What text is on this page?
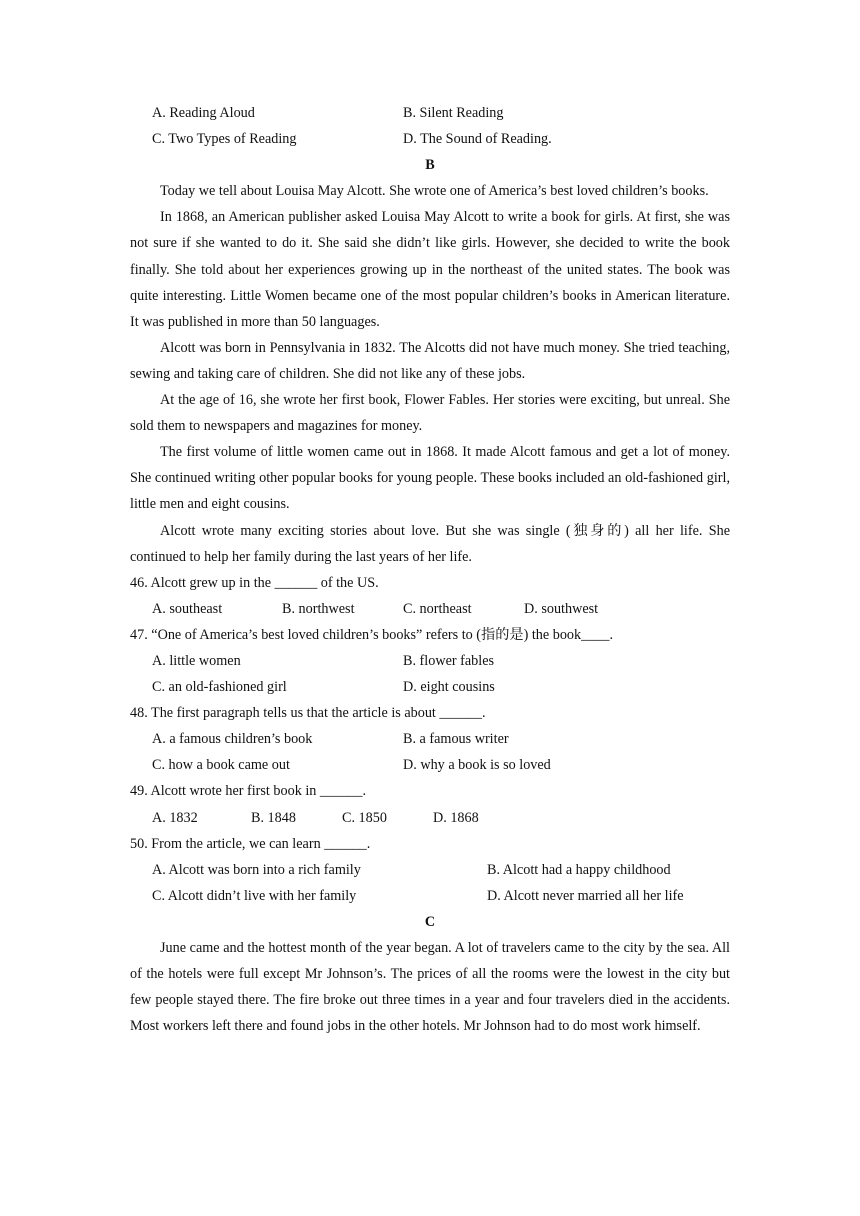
A. Reading Aloud	B. Silent Reading
C. Two Types of Reading	D. The Sound of Reading.
B

Today we tell about Louisa May Alcott. She wrote one of America’s best loved children’s books.

In 1868, an American publisher asked Louisa May Alcott to write a book for girls. At first, she was not sure if she wanted to do it. She said she didn’t like girls. However, she decided to write the book finally. She told about her experiences growing up in the northeast of the united states. The book was quite interesting. Little Women became one of the most popular children’s books in American literature. It was published in more than 50 languages.

Alcott was born in Pennsylvania in 1832. The Alcotts did not have much money. She tried teaching, sewing and taking care of children. She did not like any of these jobs.

At the age of 16, she wrote her first book, Flower Fables. Her stories were exciting, but unreal. She sold them to newspapers and magazines for money.

The first volume of little women came out in 1868. It made Alcott famous and get a lot of money. She continued writing other popular books for young people. These books included an old-fashioned girl, little men and eight cousins.

Alcott wrote many exciting stories about love. But she was single (独身的) all her life. She continued to help her family during the last years of her life.

46. Alcott grew up in the ______ of the US.

A. southeast	B. northwest	C. northeast	D. southwest

47. “One of America’s best loved children’s books” refers to (指的是) the book____.

A. little women	B. flower fables
C. an old-fashioned girl	D. eight cousins

48. The first paragraph tells us that the article is about ______.

A. a famous children’s book	B. a famous writer
C. how a book came out	D. why a book is so loved

49. Alcott wrote her first book in ______.

A. 1832	B. 1848	C. 1850	D. 1868

50. From the article, we can learn ______.

A. Alcott was born into a rich family	B. Alcott had a happy childhood
C. Alcott didn’t live with her family	D. Alcott never married all her life
C

June came and the hottest month of the year began. A lot of travelers came to the city by the sea. All of the hotels were full except Mr Johnson’s. The prices of all the rooms were the lowest in the city but few people stayed there. The fire broke out three times in a year and four travelers died in the accidents. Most workers left there and found jobs in the other hotels. Mr Johnson had to do most work himself.
